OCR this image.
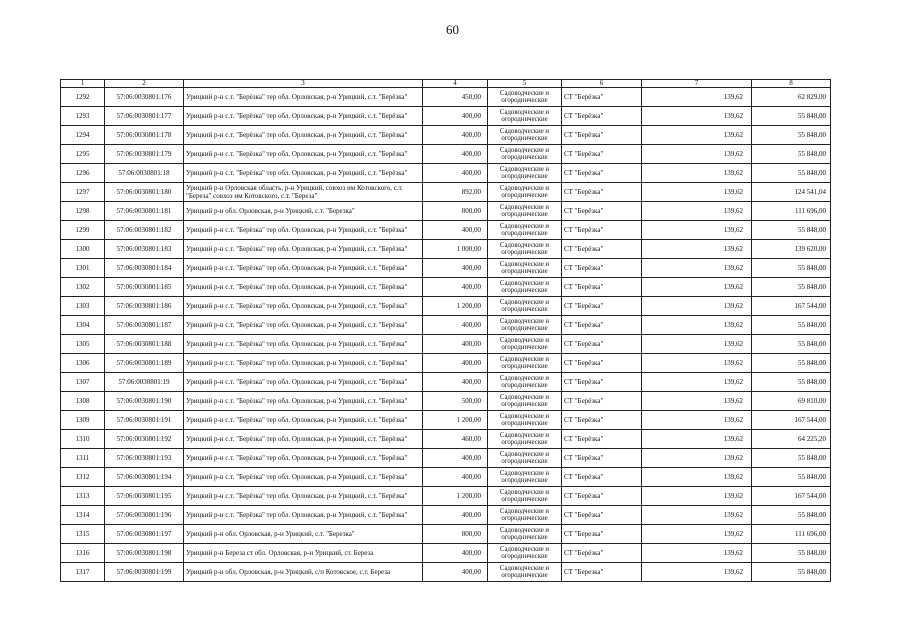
60
1	2	3	4	5	6	7	8
1292	57:06:0030801:176	Урицкий р-н с.т. "Берёзка" тер обл. Орловская, р-н Урицкий, с.т. "Берёзка"	450,00	Садоводческие и огороднические	СТ "Берёзка"	139,62	62 829,00
1293	57:06:0030801:177	Урицкий р-н с.т. "Берёзка" тер обл. Орловская, р-н Урицкий, с.т. "Берёзка"	400,00	Садоводческие и огороднические	СТ "Берёзка"	139,62	55 848,00
1294	57:06:0030801:178	Урицкий р-н с.т. "Берёзка" тер обл. Орловская, р-н Урицкий, с.т. "Берёзка"	400,00	Садоводческие и огороднические	СТ "Берёзка"	139,62	55 848,00
1295	57:06:0030801:179	Урицкий р-н с.т. "Берёзка" тер обл. Орловская, р-н Урицкий, с.т. "Берёзка"	400,00	Садоводческие и огороднические	СТ "Берёзка"	139,62	55 848,00
1296	57:06:0030801:18	Урицкий р-н с.т. "Берёзка" тер обл. Орловская, р-н Урицкий, с.т. "Берёзка"	400,00	Садоводческие и огороднические	СТ "Берёзка"	139,62	55 848,00
1297	57:06:0030801:180	Урицкий р-н Орловская область, р-н Урицкий, совхоз им Котовского, с.т. "Береза" совхоз им Котовского, с.т. "Береза"	892,00	Садоводческие и огороднические	СТ "Берёзка"	139,62	124 541,04
1298	57:06:0030801:181	Урицкий р-н обл. Орловская, р-н Урицкий, с.т. "Березка"	800,00	Садоводческие и огороднические	СТ "Берёзка"	139,62	111 696,00
1299	57:06:0030801:182	Урицкий р-н с.т. "Берёзка" тер обл. Орловская, р-н Урицкий, с.т. "Берёзка"	400,00	Садоводческие и огороднические	СТ "Берёзка"	139,62	55 848,00
1300	57:06:0030801:183	Урицкий р-н с.т. "Берёзка" тер обл. Орловская, р-н Урицкий, с.т. "Берёзка"	1 000,00	Садоводческие и огороднические	СТ "Берёзка"	139,62	139 620,00
1301	57:06:0030801:184	Урицкий р-н с.т. "Берёзка" тер обл. Орловская, р-н Урицкий, с.т. "Берёзка"	400,00	Садоводческие и огороднические	СТ "Берёзка"	139,62	55 848,00
1302	57:06:0030801:185	Урицкий р-н с.т. "Берёзка" тер обл. Орловская, р-н Урицкий, с.т. "Берёзка"	400,00	Садоводческие и огороднические	СТ "Берёзка"	139,62	55 848,00
1303	57:06:0030801:186	Урицкий р-н с.т. "Берёзка" тер обл. Орловская, р-н Урицкий, с.т. "Берёзка"	1 200,00	Садоводческие и огороднические	СТ "Берёзка"	139,62	167 544,00
1304	57:06:0030801:187	Урицкий р-н с.т. "Берёзка" тер обл. Орловская, р-н Урицкий, с.т. "Берёзка"	400,00	Садоводческие и огороднические	СТ "Берёзка"	139,62	55 848,00
1305	57:06:0030801:188	Урицкий р-н с.т. "Берёзка" тер обл. Орловская, р-н Урицкий, с.т. "Берёзка"	400,00	Садоводческие и огороднические	СТ "Берёзка"	139,62	55 848,00
1306	57:06:0030801:189	Урицкий р-н с.т. "Берёзка" тер обл. Орловская, р-н Урицкий, с.т. "Берёзка"	400,00	Садоводческие и огороднические	СТ "Берёзка"	139,62	55 848,00
1307	57:06:0030801:19	Урицкий р-н с.т. "Берёзка" тер обл. Орловская, р-н Урицкий, с.т. "Берёзка"	400,00	Садоводческие и огороднические	СТ "Берёзка"	139,62	55 848,00
1308	57:06:0030801:190	Урицкий р-н с.т. "Берёзка" тер обл. Орловская, р-н Урицкий, с.т. "Берёзка"	500,00	Садоводческие и огороднические	СТ "Берёзка"	139,62	69 810,00
1309	57:06:0030801:191	Урицкий р-н с.т. "Берёзка" тер обл. Орловская, р-н Урицкий, с.т. "Берёзка"	1 200,00	Садоводческие и огороднические	СТ "Берёзка"	139,62	167 544,00
1310	57:06:0030801:192	Урицкий р-н с.т. "Берёзка" тер обл. Орловская, р-н Урицкий, с.т. "Берёзка"	460,00	Садоводческие и огороднические	СТ "Берёзка"	139,62	64 225,20
1311	57:06:0030801:193	Урицкий р-н с.т. "Берёзка" тер обл. Орловская, р-н Урицкий, с.т. "Берёзка"	400,00	Садоводческие и огороднические	СТ "Берёзка"	139,62	55 848,00
1312	57:06:0030801:194	Урицкий р-н с.т. "Берёзка" тер обл. Орловская, р-н Урицкий, с.т. "Берёзка"	400,00	Садоводческие и огороднические	СТ "Берёзка"	139,62	55 848,00
1313	57:06:0030801:195	Урицкий р-н с.т. "Берёзка" тер обл. Орловская, р-н Урицкий, с.т. "Берёзка"	1 200,00	Садоводческие и огороднические	СТ "Берёзка"	139,62	167 544,00
1314	57:06:0030801:196	Урицкий р-н с.т. "Берёзка" тер обл. Орловская, р-н Урицкий, с.т. "Берёзка"	400,00	Садоводческие и огороднические	СТ "Берёзка"	139,62	55 848,00
1315	57:06:0030801:197	Урицкий р-н обл. Орловская, р-н Урицкий, с.т. "Березка"	800,00	Садоводческие и огороднические	СТ "Березка"	139,62	111 696,00
1316	57:06:0030801:198	Урицкий р-н Береза ст обл. Орловская, р-н Урицкий, ст. Береза	400,00	Садоводческие и огороднические	СТ "Берёзка"	139,62	55 848,00
1317	57:06:0030801:199	Урицкий р-н обл. Орловская, р-н Урицкий, с/п Котовское, с.т. Береза	400,00	Садоводческие и огороднические	СТ "Березка"	139,62	55 848,00
